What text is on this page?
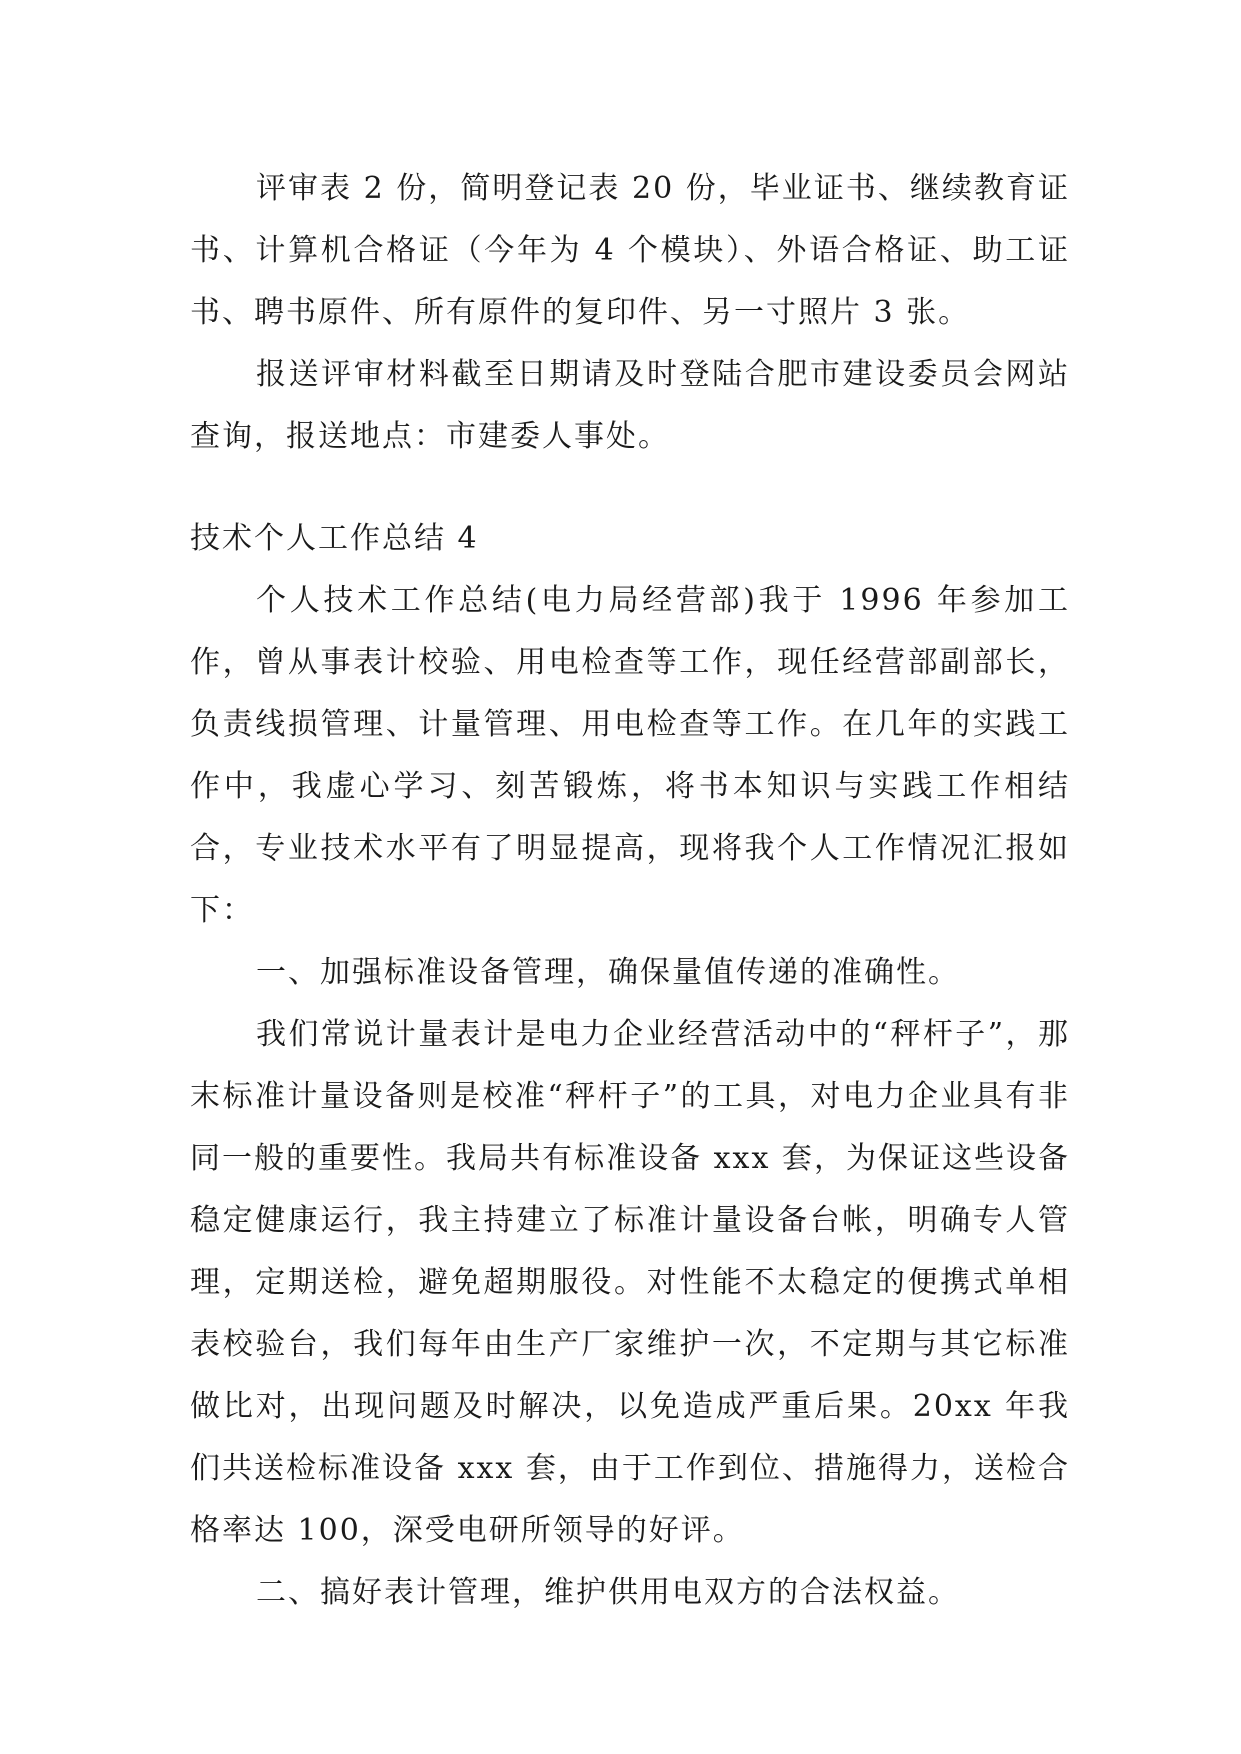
评审表 2 份，简明登记表 20 份，毕业证书、继续教育证书、计算机合格证（今年为 4 个模块）、外语合格证、助工证书、聘书原件、所有原件的复印件、另一寸照片 3 张。

报送评审材料截至日期请及时登陆合肥市建设委员会网站查询，报送地点：市建委人事处。

技术个人工作总结 4

个人技术工作总结(电力局经营部)我于 1996 年参加工作，曾从事表计校验、用电检查等工作，现任经营部副部长，负责线损管理、计量管理、用电检查等工作。在几年的实践工作中，我虚心学习、刻苦锻炼，将书本知识与实践工作相结合，专业技术水平有了明显提高，现将我个人工作情况汇报如下：

一、加强标准设备管理，确保量值传递的准确性。

我们常说计量表计是电力企业经营活动中的“秤杆子”，那末标准计量设备则是校准“秤杆子”的工具，对电力企业具有非同一般的重要性。我局共有标准设备 xxx 套，为保证这些设备稳定健康运行，我主持建立了标准计量设备台帐，明确专人管理，定期送检，避免超期服役。对性能不太稳定的便携式单相表校验台，我们每年由生产厂家维护一次，不定期与其它标准做比对，出现问题及时解决，以免造成严重后果。20xx 年我们共送检标准设备 xxx 套，由于工作到位、措施得力，送检合格率达 100，深受电研所领导的好评。

二、搞好表计管理，维护供用电双方的合法权益。
